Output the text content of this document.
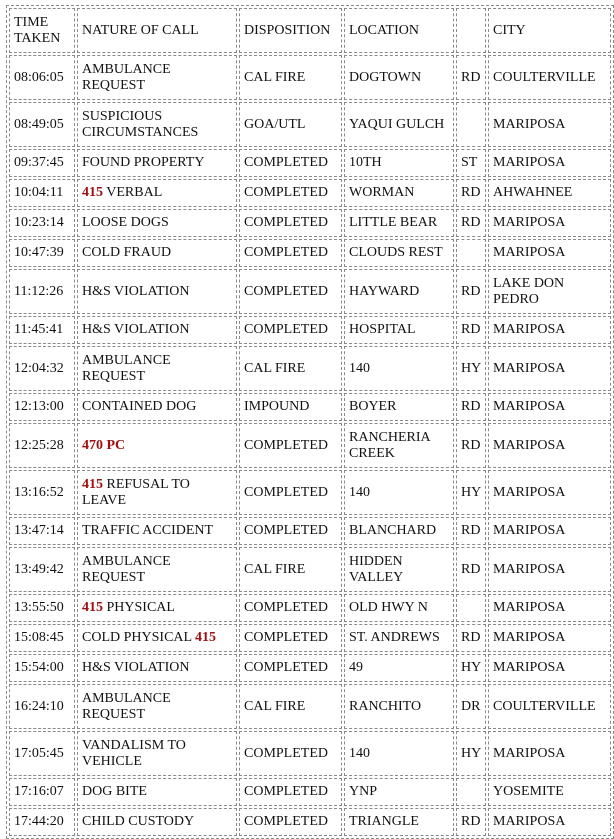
TIME TAKEN	NATURE OF CALL	DISPOSITION	LOCATION		CITY
08:06:05	AMBULANCE REQUEST	CAL FIRE	DOGTOWN	RD	COULTERVILLE
08:49:05	SUSPICIOUS CIRCUMSTANCES	GOA/UTL	YAQUI GULCH		MARIPOSA
09:37:45	FOUND PROPERTY	COMPLETED	10TH	ST	MARIPOSA
10:04:11	415 VERBAL	COMPLETED	WORMAN	RD	AHWAHNEE
10:23:14	LOOSE DOGS	COMPLETED	LITTLE BEAR	RD	MARIPOSA
10:47:39	COLD FRAUD	COMPLETED	CLOUDS REST		MARIPOSA
11:12:26	H&S VIOLATION	COMPLETED	HAYWARD	RD	LAKE DON PEDRO
11:45:41	H&S VIOLATION	COMPLETED	HOSPITAL	RD	MARIPOSA
12:04:32	AMBULANCE REQUEST	CAL FIRE	140	HY	MARIPOSA
12:13:00	CONTAINED DOG	IMPOUND	BOYER	RD	MARIPOSA
12:25:28	470 PC	COMPLETED	RANCHERIA CREEK	RD	MARIPOSA
13:16:52	415 REFUSAL TO LEAVE	COMPLETED	140	HY	MARIPOSA
13:47:14	TRAFFIC ACCIDENT	COMPLETED	BLANCHARD	RD	MARIPOSA
13:49:42	AMBULANCE REQUEST	CAL FIRE	HIDDEN VALLEY	RD	MARIPOSA
13:55:50	415 PHYSICAL	COMPLETED	OLD HWY N		MARIPOSA
15:08:45	COLD PHYSICAL 415	COMPLETED	ST. ANDREWS	RD	MARIPOSA
15:54:00	H&S VIOLATION	COMPLETED	49	HY	MARIPOSA
16:24:10	AMBULANCE REQUEST	CAL FIRE	RANCHITO	DR	COULTERVILLE
17:05:45	VANDALISM TO VEHICLE	COMPLETED	140	HY	MARIPOSA
17:16:07	DOG BITE	COMPLETED	YNP		YOSEMITE
17:44:20	CHILD CUSTODY	COMPLETED	TRIANGLE	RD	MARIPOSA
